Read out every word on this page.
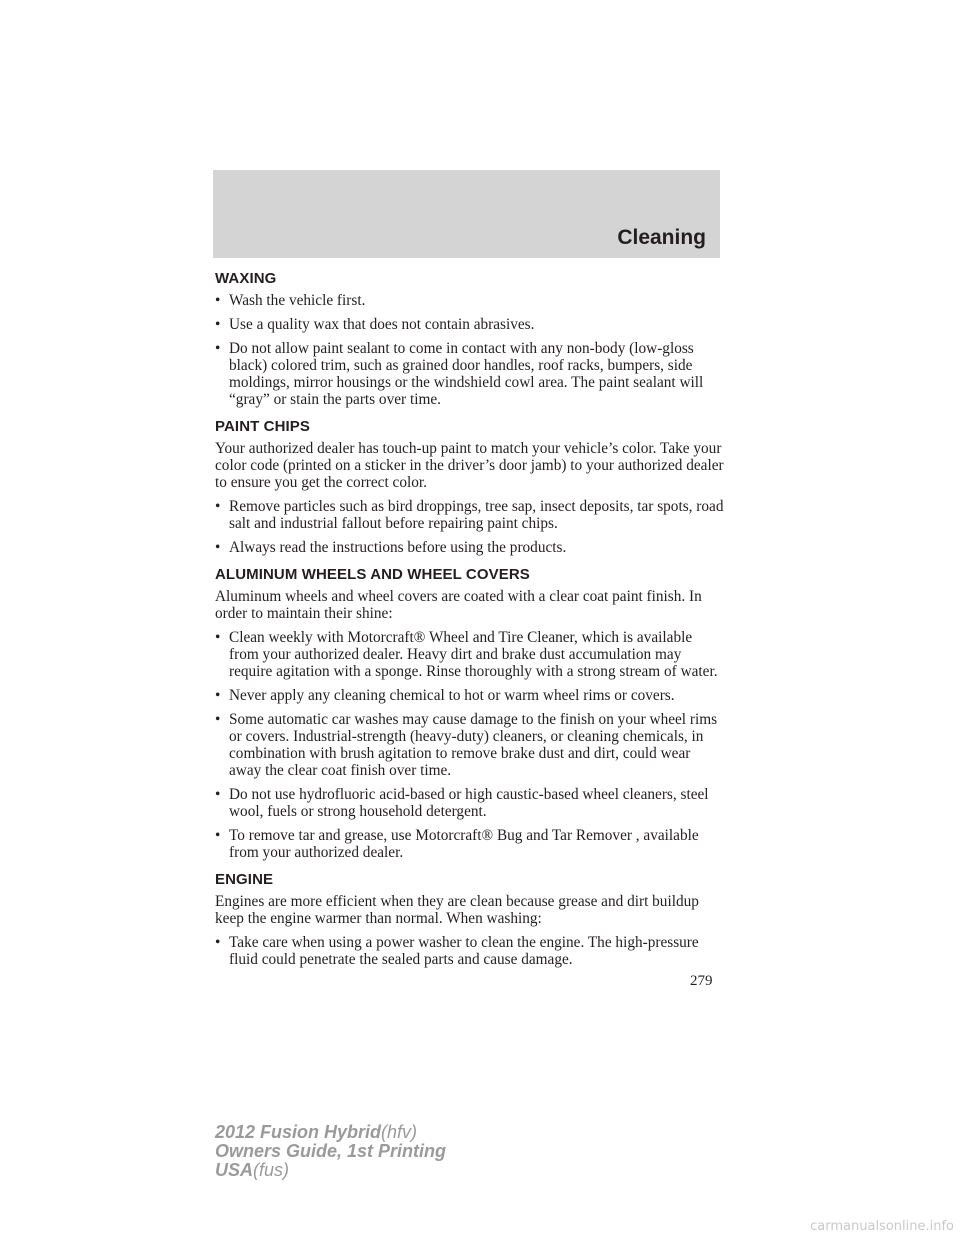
Cleaning
WAXING
• Wash the vehicle first.
• Use a quality wax that does not contain abrasives.
• Do not allow paint sealant to come in contact with any non-body (low-gloss black) colored trim, such as grained door handles, roof racks, bumpers, side moldings, mirror housings or the windshield cowl area. The paint sealant will “gray” or stain the parts over time.
PAINT CHIPS

Your authorized dealer has touch-up paint to match your vehicle’s color. Take your color code (printed on a sticker in the driver’s door jamb) to your authorized dealer to ensure you get the correct color.

• Remove particles such as bird droppings, tree sap, insect deposits, tar spots, road salt and industrial fallout before repairing paint chips.
• Always read the instructions before using the products.
ALUMINUM WHEELS AND WHEEL COVERS

Aluminum wheels and wheel covers are coated with a clear coat paint finish. In order to maintain their shine:

• Clean weekly with Motorcraft® Wheel and Tire Cleaner, which is available from your authorized dealer. Heavy dirt and brake dust accumulation may require agitation with a sponge. Rinse thoroughly with a strong stream of water.
• Never apply any cleaning chemical to hot or warm wheel rims or covers.
• Some automatic car washes may cause damage to the finish on your wheel rims or covers. Industrial-strength (heavy-duty) cleaners, or cleaning chemicals, in combination with brush agitation to remove brake dust and dirt, could wear away the clear coat finish over time.
• Do not use hydrofluoric acid-based or high caustic-based wheel cleaners, steel wool, fuels or strong household detergent.
• To remove tar and grease, use Motorcraft® Bug and Tar Remover , available from your authorized dealer.
ENGINE

Engines are more efficient when they are clean because grease and dirt buildup keep the engine warmer than normal. When washing:

• Take care when using a power washer to clean the engine. The high-pressure fluid could penetrate the sealed parts and cause damage.
279
2012 Fusion Hybrid(hfv)
Owners Guide, 1st Printing
USA(fus)
carmanualsonline.info
